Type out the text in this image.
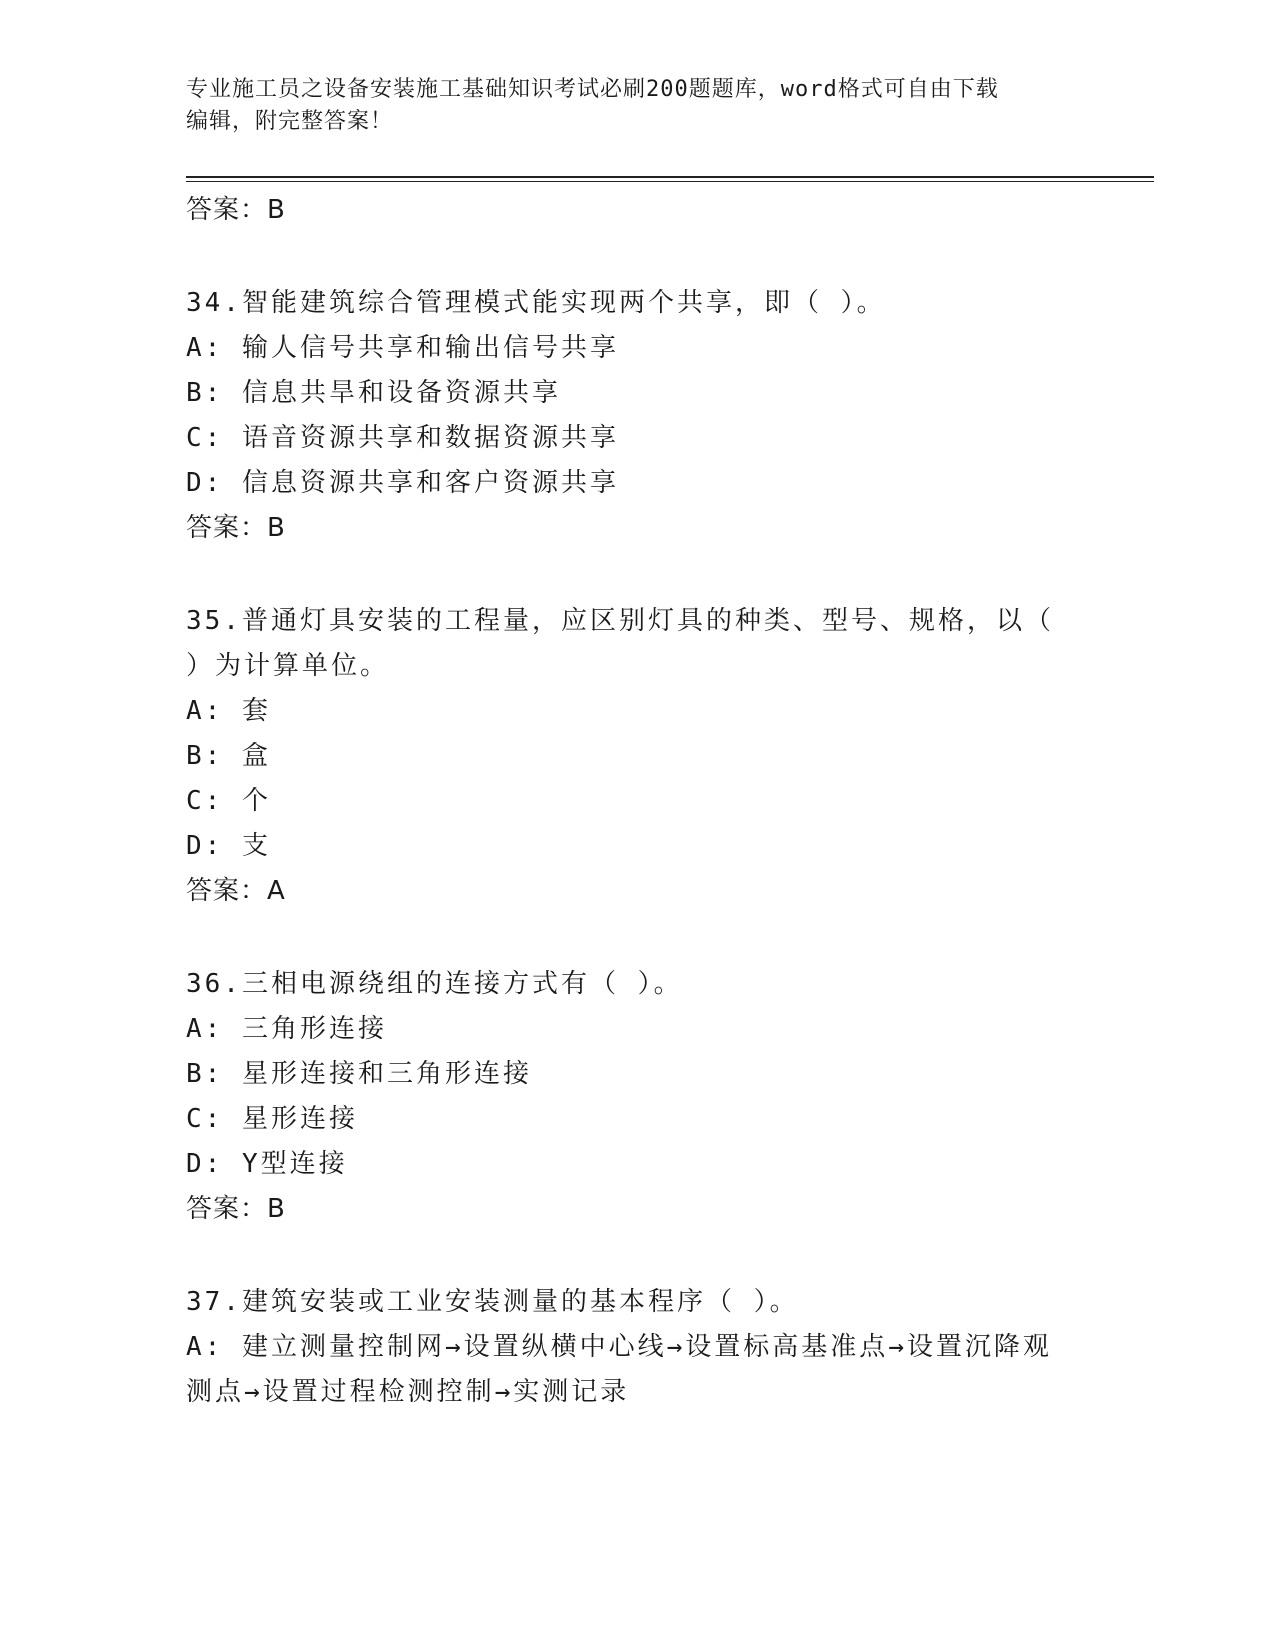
专业施工员之设备安装施工基础知识考试必刷200题题库，word格式可自由下载
编辑，附完整答案！
答案：B
34.智能建筑综合管理模式能实现两个共享，即（ ）。
A: 输人信号共享和输出信号共享
B: 信息共旱和设备资源共享
C: 语音资源共享和数据资源共享
D: 信息资源共享和客户资源共享
答案：B
35.普通灯具安装的工程量，应区别灯具的种类、型号、规格，以（
）为计算单位。
A: 套
B: 盒
C: 个
D: 支
答案：A
36.三相电源绕组的连接方式有（ ）。
A: 三角形连接
B: 星形连接和三角形连接
C: 星形连接
D: Y型连接
答案：B
37.建筑安装或工业安装测量的基本程序（ ）。
A: 建立测量控制网→设置纵横中心线→设置标高基准点→设置沉降观
测点→设置过程检测控制→实测记录
